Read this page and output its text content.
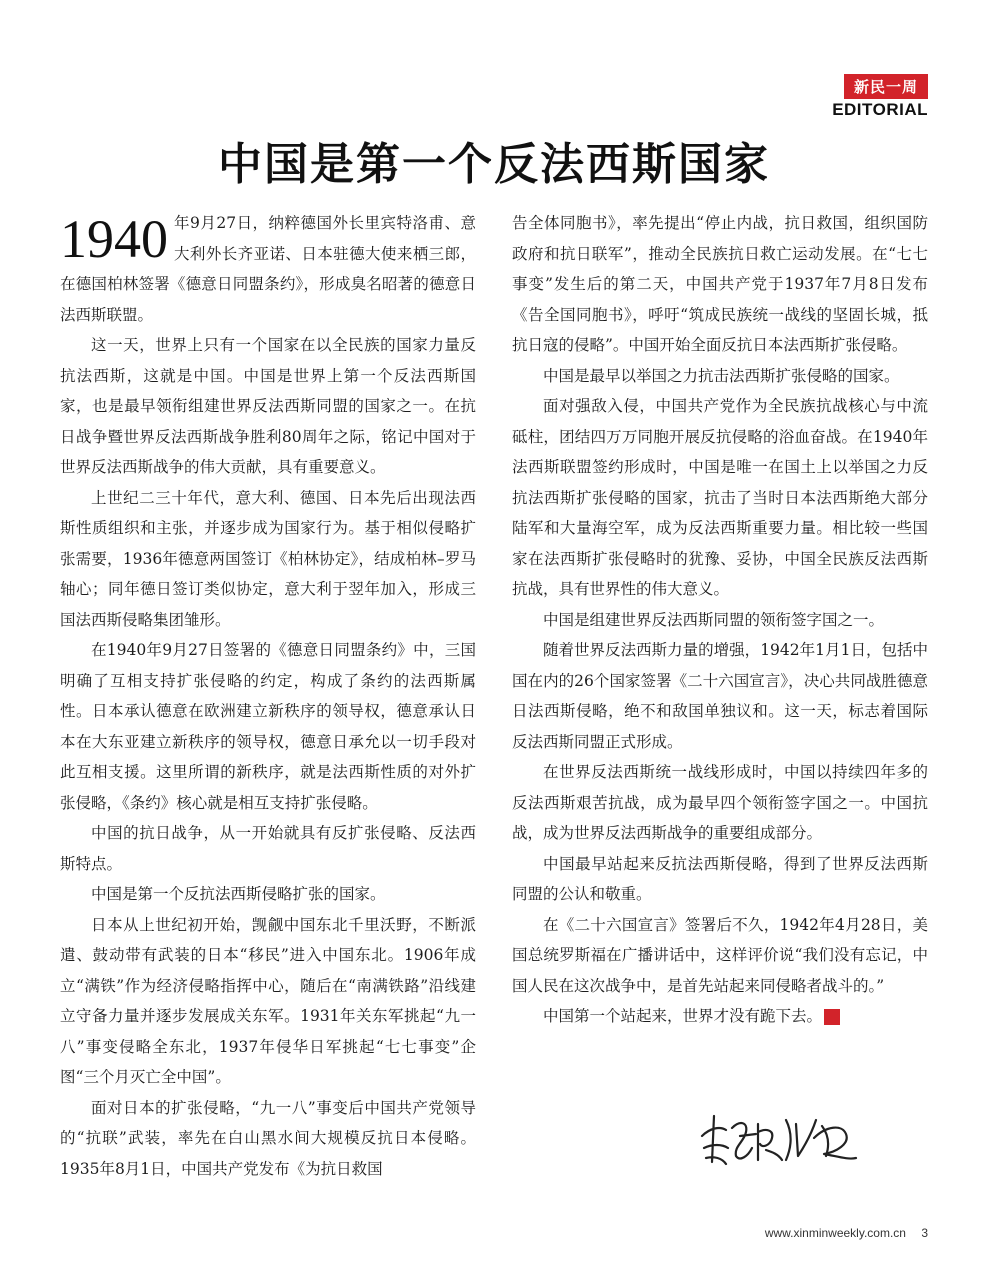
新民一周
EDITORIAL
中国是第一个反法西斯国家

1940 年9月27日，纳粹德国外长里宾特洛甫、意大利外长齐亚诺、日本驻德大使来栖三郎，在德国柏林签署《德意日同盟条约》，形成臭名昭著的德意日法西斯联盟。

这一天，世界上只有一个国家在以全民族的国家力量反抗法西斯，这就是中国。中国是世界上第一个反法西斯国家，也是最早领衔组建世界反法西斯同盟的国家之一。在抗日战争暨世界反法西斯战争胜利80周年之际，铭记中国对于世界反法西斯战争的伟大贡献，具有重要意义。

上世纪二三十年代，意大利、德国、日本先后出现法西斯性质组织和主张，并逐步成为国家行为。基于相似侵略扩张需要，1936年德意两国签订《柏林协定》，结成柏林–罗马轴心；同年德日签订类似协定，意大利于翌年加入，形成三国法西斯侵略集团雏形。

在1940年9月27日签署的《德意日同盟条约》中，三国明确了互相支持扩张侵略的约定，构成了条约的法西斯属性。日本承认德意在欧洲建立新秩序的领导权，德意承认日本在大东亚建立新秩序的领导权，德意日承允以一切手段对此互相支援。这里所谓的新秩序，就是法西斯性质的对外扩张侵略，《条约》核心就是相互支持扩张侵略。

中国的抗日战争，从一开始就具有反扩张侵略、反法西斯特点。

中国是第一个反抗法西斯侵略扩张的国家。

日本从上世纪初开始，觊觎中国东北千里沃野，不断派遣、鼓动带有武装的日本“移民”进入中国东北。1906年成立“满铁”作为经济侵略指挥中心，随后在“南满铁路”沿线建立守备力量并逐步发展成关东军。1931年关东军挑起“九一八”事变侵略全东北，1937年侵华日军挑起“七七事变”企图“三个月灭亡全中国”。

面对日本的扩张侵略，“九一八”事变后中国共产党领导的“抗联”武装，率先在白山黑水间大规模反抗日本侵略。1935年8月1日，中国共产党发布《为抗日救国

告全体同胞书》，率先提出“停止内战，抗日救国，组织国防政府和抗日联军”，推动全民族抗日救亡运动发展。在“七七事变”发生后的第二天，中国共产党于1937年7月8日发布《告全国同胞书》，呼吁“筑成民族统一战线的坚固长城，抵抗日寇的侵略”。中国开始全面反抗日本法西斯扩张侵略。

中国是最早以举国之力抗击法西斯扩张侵略的国家。

面对强敌入侵，中国共产党作为全民族抗战核心与中流砥柱，团结四万万同胞开展反抗侵略的浴血奋战。在1940年法西斯联盟签约形成时，中国是唯一在国土上以举国之力反抗法西斯扩张侵略的国家，抗击了当时日本法西斯绝大部分陆军和大量海空军，成为反法西斯重要力量。相比较一些国家在法西斯扩张侵略时的犹豫、妥协，中国全民族反法西斯抗战，具有世界性的伟大意义。

中国是组建世界反法西斯同盟的领衔签字国之一。

随着世界反法西斯力量的增强，1942年1月1日，包括中国在内的26个国家签署《二十六国宣言》，决心共同战胜德意日法西斯侵略，绝不和敌国单独议和。这一天，标志着国际反法西斯同盟正式形成。

在世界反法西斯统一战线形成时，中国以持续四年多的反法西斯艰苦抗战，成为最早四个领衔签字国之一。中国抗战，成为世界反法西斯战争的重要组成部分。

中国最早站起来反抗法西斯侵略，得到了世界反法西斯同盟的公认和敬重。

在《二十六国宣言》签署后不久，1942年4月28日，美国总统罗斯福在广播讲话中，这样评价说“我们没有忘记，中国人民在这次战争中，是首先站起来同侵略者战斗的。”

中国第一个站起来，世界才没有跪下去。	民

www.xinminweekly.com.cn 3
